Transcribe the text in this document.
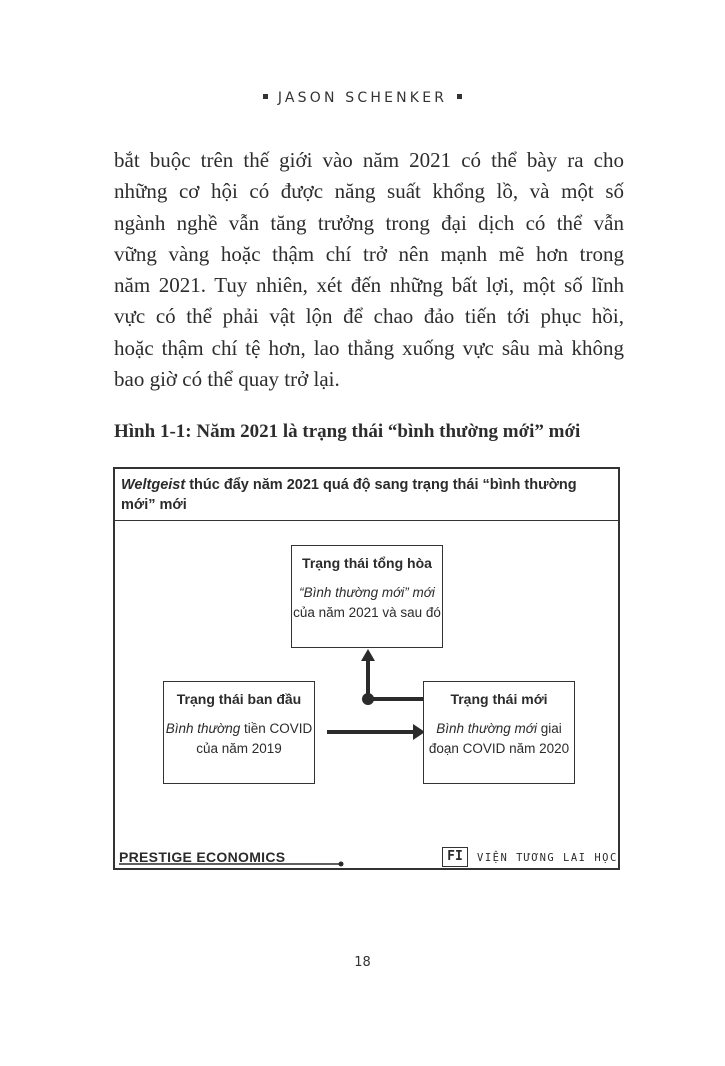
JASON SCHENKER

bắt buộc trên thế giới vào năm 2021 có thể bày ra cho

những cơ hội có được năng suất khổng lồ, và một số

ngành nghề vẫn tăng trưởng trong đại dịch có thể vẫn

vững vàng hoặc thậm chí trở nên mạnh mẽ hơn trong

năm 2021. Tuy nhiên, xét đến những bất lợi, một số lĩnh

vực có thể phải vật lộn để chao đảo tiến tới phục hồi,

hoặc thậm chí tệ hơn, lao thẳng xuống vực sâu mà không

bao giờ có thể quay trở lại.

Hình 1-1: Năm 2021 là trạng thái “bình thường mới” mới
Weltgeist thúc đẩy năm 2021 quá độ sang trạng thái “bình thường mới” mới
Trạng thái tổng hòa
“Bình thường mới” mới của năm 2021 và sau đó
Trạng thái ban đầu
Bình thường tiền COVID của năm 2019
Trạng thái mới
Bình thường mới giai đoạn COVID năm 2020
PRESTIGE ECONOMICS	FI	VIỆN TƯƠNG LAI HỌC
18
